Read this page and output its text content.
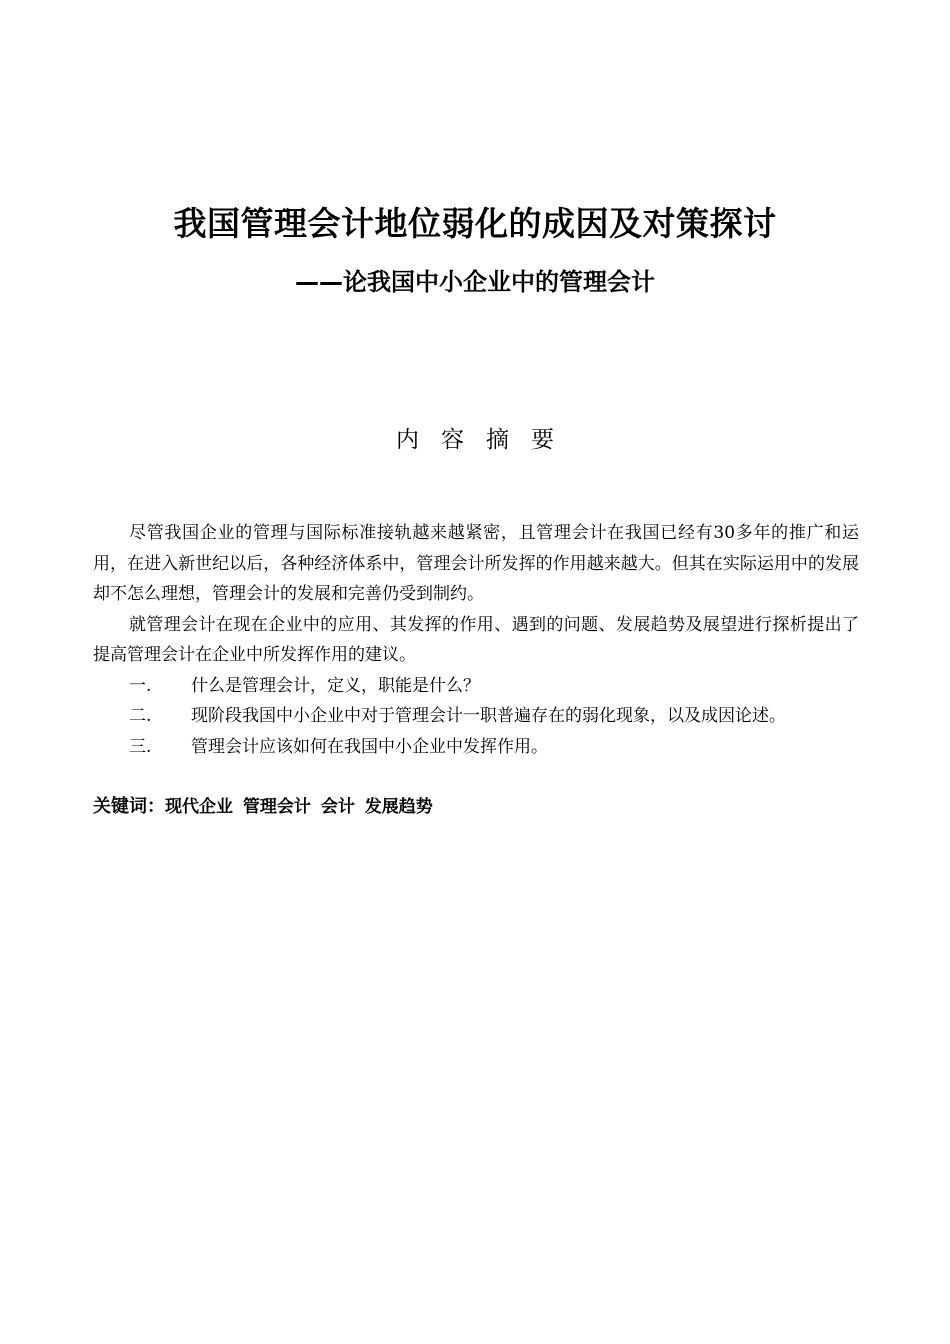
我国管理会计地位弱化的成因及对策探讨
——论我国中小企业中的管理会计
内容摘要

尽管我国企业的管理与国际标准接轨越来越紧密，且管理会计在我国已经有30多年的推广和运用，在进入新世纪以后，各种经济体系中，管理会计所发挥的作用越来越大。但其在实际运用中的发展却不怎么理想，管理会计的发展和完善仍受到制约。

就管理会计在现在企业中的应用、其发挥的作用、遇到的问题、发展趋势及展望进行探析提出了提高管理会计在企业中所发挥作用的建议。

一.	什么是管理会计，定义，职能是什么？
二.	现阶段我国中小企业中对于管理会计一职普遍存在的弱化现象，以及成因论述。
三.	管理会计应该如何在我国中小企业中发挥作用。
关键词：现代企业 管理会计 会计 发展趋势
